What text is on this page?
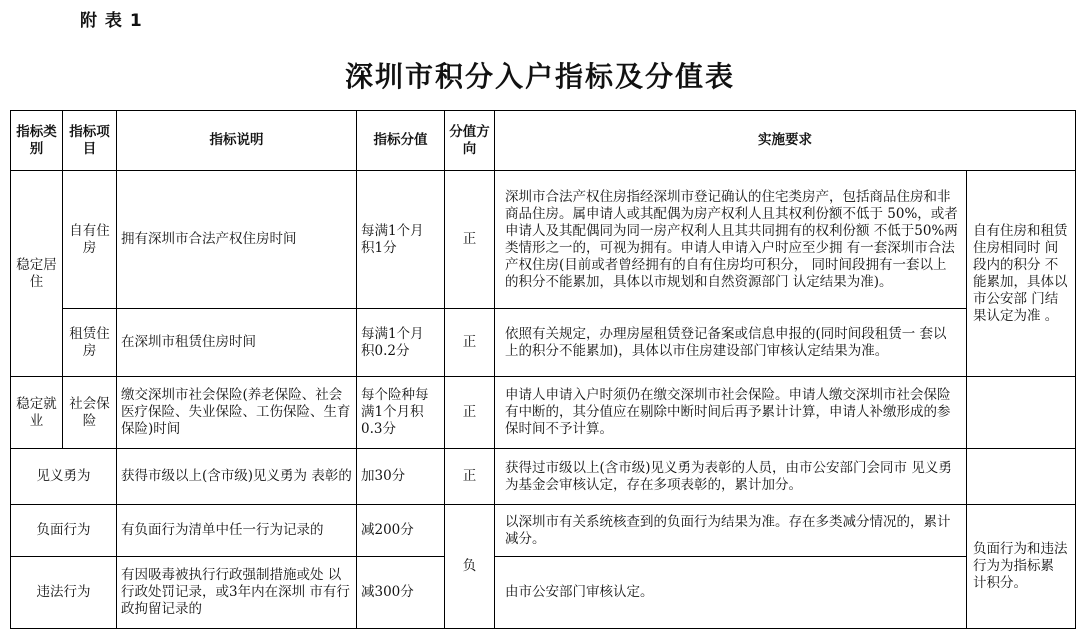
附 表 1
深圳市积分入户指标及分值表
指标类别	指标项目	指标说明	指标分值	分值方向	实施要求	
稳定居住	自有住房	拥有深圳市合法产权住房时间	每满1个月 积1分	正	深圳市合法产权住房指经深圳市登记确认的住宅类房产，包括商品住房和非商品住房。属申请人或其配偶为房产权利人且其权利份额不低于 50%，或者申请人及其配偶同为同一房产权利人且其共同拥有的权利份额 不低于50%两类情形之一的，可视为拥有。申请人申请入户时应至少拥 有一套深圳市合法产权住房(目前或者曾经拥有的自有住房均可积分， 同时间段拥有一套以上的积分不能累加，具体以市规划和自然资源部门 认定结果为准)。	自有住房和租赁住房相同时 间段内的积分 不能累加，具体以市公安部 门结果认定为准 。
	租赁住房	在深圳市租赁住房时间	每满1个月 积0.2分	正	依照有关规定，办理房屋租赁登记备案或信息申报的(同时间段租赁一 套以上的积分不能累加)，具体以市住房建设部门审核认定结果为准。	
稳定就业	社会保险	缴交深圳市社会保险(养老保险、社会医疗保险、失业保险、工伤保险、生育保险)时间	每个险种每满1个月积0.3分	正	申请人申请入户时须仍在缴交深圳市社会保险。申请人缴交深圳市社会保险有中断的，其分值应在剔除中断时间后再予累计计算，申请人补缴形成的参保时间不予计算。	
见义勇为		获得市级以上(含市级)见义勇为 表彰的	加30分	正	获得过市级以上(含市级)见义勇为表彰的人员，由市公安部门会同市 见义勇为基金会审核认定，存在多项表彰的，累计加分。	
负面行为		有负面行为清单中任一行为记录的	减200分	负	以深圳市有关系统核查到的负面行为结果为准。存在多类减分情况的，累计减分。	负面行为和违法行为为指标累 计积分。
违法行为		有因吸毒被执行行政强制措施或处 以行政处罚记录，或3年内在深圳 市有行政拘留记录的	减300分		由市公安部门审核认定。	
